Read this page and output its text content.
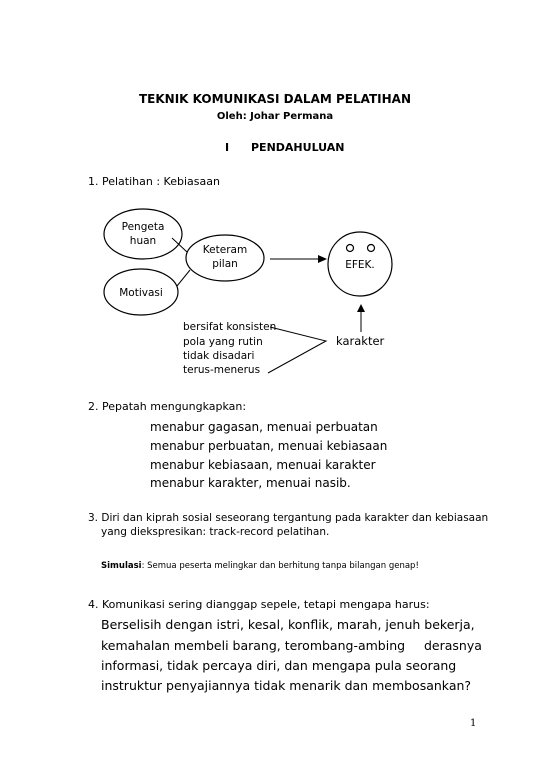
TEKNIK KOMUNIKASI DALAM PELATIHAN
Oleh: Johar Permana
I PENDAHULUAN
1. Pelatihan : Kebiasaan
Pengeta
huan
Keteram
pilan
Motivasi
EFEK.
bersifat konsisten
pola yang rutin
tidak disadari
terus-menerus
karakter
2. Pepatah mengungkapkan:
menabur gagasan, menuai perbuatan
menabur perbuatan, menuai kebiasaan
menabur kebiasaan, menuai karakter
menabur karakter, menuai nasib.
3. Diri dan kiprah sosial seseorang tergantung pada karakter dan kebiasaan
yang diekspresikan: track-record pelatihan.
Simulasi: Semua peserta melingkar dan berhitung tanpa bilangan genap!
4. Komunikasi sering dianggap sepele, tetapi mengapa harus:
Berselisih dengan istri, kesal, konflik, marah, jenuh bekerja,
kemahalan membeli barang, terombang-ambing derasnya
informasi, tidak percaya diri, dan mengapa pula seorang
instruktur penyajiannya tidak menarik dan membosankan?
1
